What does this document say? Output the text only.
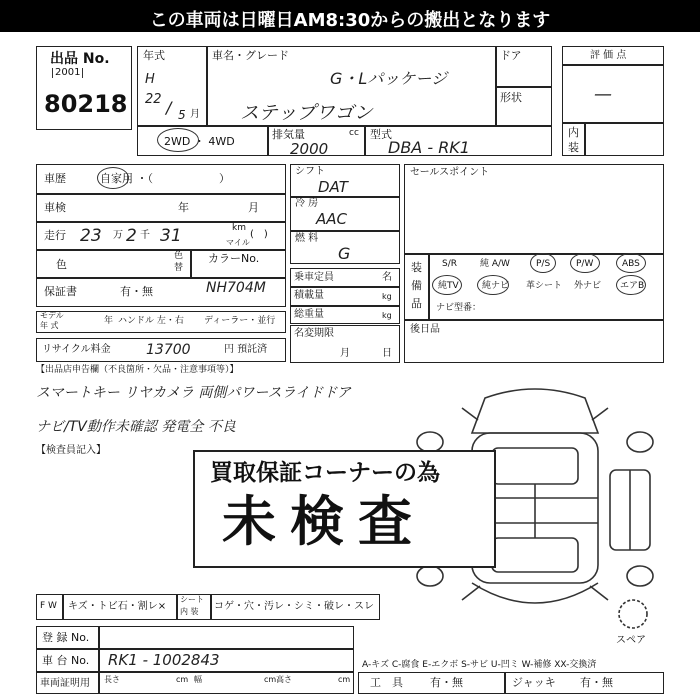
この車両は日曜日AM8:30からの搬出となります
出品 No.
2001
80218
年式
H
22 / 5 月
車名・グレード
G・Lパッケージ
ステップワゴン
ドア
形状
評 価 点
—
内
装
2WD ・ 4WD
排気量	cc
2000
型式
DBA - RK1
車歴	自家用 ・（　　　　　　）
車検	年	月
走行 23 万 2 千 31	km
(　)
マイル
色
色
替
カラーNo.
NH704M
保証書	有・無
モデル
年 式	年 ハンドル 左・右 ディーラー・並行
リサイクル料金	13700	円 預託済
シフト
DAT
冷 房
AAC
燃 料
G
乗車定員	名
積載量	kg
総重量	kg
名変期限
月	日
セールスポイント
装
備
品
S/R	純 A/W	P/S	P/W	ABS
純TV	純ナビ 革シート 外ナビ エアB
ナビ型番：
後日品
【出品店申告欄（不良箇所・欠品・注意事項等）】
スマートキー リヤカメラ 両側パワースライドドア
ナビ/TV動作未確認 発電全 不良
【検査員記入】
スペア
買取保証コーナーの為
未検査
F W キズ・トビ石・割レ×
シート
内 装 コゲ・穴・汚レ・シミ・破レ・スレ
登 録 No.
車 台 No. RK1 - 1002843
車両証明用 長さ	cm 幅	cm 高さ	cm
A-キズ C-腐食 E-エクボ S-サビ U-凹ミ W-補修 XX-交換済
工　具 有・無	ジャッキ 有・無
